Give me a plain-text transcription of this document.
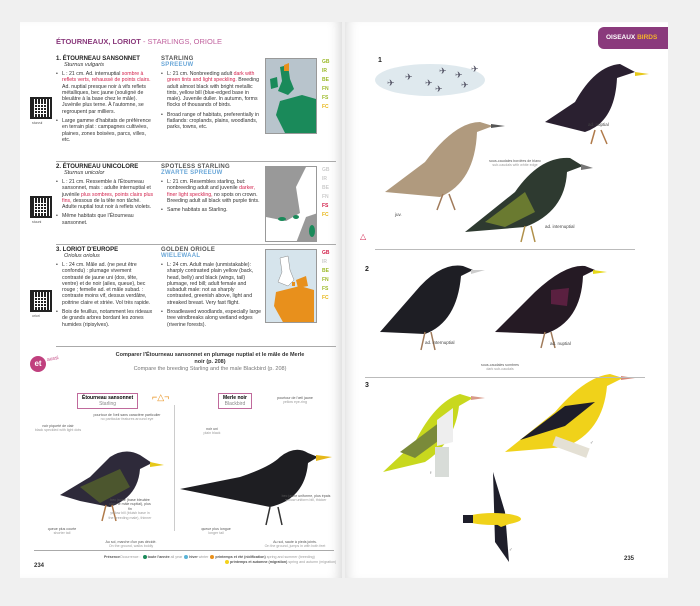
ÉTOURNEAUX, LORIOT - STARLINGS, ORIOLE
sturvul
1. ÉTOURNEAU SANSONNET
Sturnus vulgaris
• L : 21 cm. Ad. internuptial sombre à reflets verts, rehaussé de points clairs. Ad. nuptial presque noir à vifs reflets métalliques, bec jaune (souligné de bleuâtre à la base chez le mâle). Juvénile plus terne. À l'automne, se regroupent par milliers.
• Large gamme d'habitats de préférence en terrain plat : campagnes cultivées, plaines, zones boisées, parcs, villes, etc.
STARLING
SPREEUW
• L: 21 cm. Nonbreeding adult dark with green tints and light speckling. Breeding adult almost black with bright metallic tints, yellow bill (blue-edged base in male). Juvenile duller. In autumn, forms flocks of thousands of birds.
• Broad range of habitats, preferentially in flatlands: croplands, plains, woodlands, parks, towns, etc.
GB
IR
BE
FN
FS
FC
stuuni
2. ÉTOURNEAU UNICOLORE
Sturnus unicolor
• L : 21 cm. Ressemble à l'Étourneau sansonnet, mais : adulte internuptial et juvénile plus sombres, points clairs plus fins, dessous de la tête non tâché. Adulte nuptial tout noir à reflets violets.
• Même habitats que l'Étourneau sansonnet.
SPOTLESS STARLING
ZWARTE SPREEUW
• L: 21 cm. Resembles starling, but: nonbreeding adult and juvenile darker, finer light speckling, no spots on crown. Breeding adult all black with purple tints.
• Same habitats as Starling.
GB
IR
BE
FN
FS
FC
oriori
3. LORIOT D'EUROPE
Oriolus oriolus
• L : 24 cm. Mâle ad. (ne peut être confondu) : plumage vivement contrasté de jaune uni (dos, tête, ventre) et de noir (ailes, queue), bec rouge ; femelle ad. et mâle subad. : contraste moins vif, dessus verdâtre, poitrine claire et striée. Vol très rapide.
• Bois de feuillus, notamment les rideaux de grands arbres bordant les zones humides (ripisylves).
GOLDEN ORIOLE
WIELEWAAL
• L: 24 cm. Adult male (unmistakable): sharply contrasted plain yellow (back, head, belly) and black (wings, tail) plumage, red bill; adult female and subadult male: not as sharply contrasted, greenish above, light and streaked breast. Very fast flight.
• Broadleaved woodlands, especially large tree windbreaks along wetland edges (riverine forests).
GB
IR
BE
FN
FS
FC
et	aussi
Comparer l'Étourneau sansonnet en plumage nuptial et le mâle de Merle noir (p. 208)
Compare the breeding Starling and the male Blackbird (p. 208)
Étourneau sansonnet
Starling
⌐△¬	Merle noir
Blackbird
pourtour de l'œil sans caractère particulier
no particular features around eye
noir piqueté de clair
black speckled with light dots
bec jaune (base bleuâtre chez le mâle nuptial), plus fin
yellow bill (bluish base in the breeding male), thinner
queue plus courte
shorter tail
Au sol, marche d'un pas décidé.
On the ground, walks boldly
pourtour de l'œil jaune
yellow eye-ring
noir uni
plain black
bec jaune uniforme, plus épais
yellow uniform bill, thicker
queue plus longue
longer tail
Au sol, saute à pieds joints.
On the ground, jumps in with both feet
234
PrésenceOccurrence : toute l'année all year hiver winter printemps et été (nidification) spring and summer (breeding)
printemps et automne (migration) spring and autumn (migration)
OISEAUX BIRDS
1
✈
✈
✈
✈ ✈
✈
✈ ✈
ad. nuptial
juv.
ad. internuptial
sous-caudales bordées de blanc
sub-caudals with white edge
△
2
ad. internuptial	ad. nuptial
sous-caudales sombres
dark sub-caudals
3
♀
♂
♂
235
